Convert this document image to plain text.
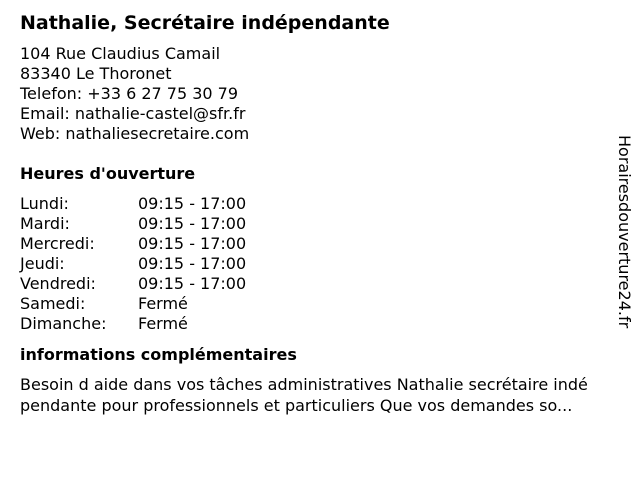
Nathalie, Secrétaire indépendante
104 Rue Claudius Camail
83340 Le Thoronet
Telefon: +33 6 27 75 30 79
Email: nathalie-castel@sfr.fr
Web: nathaliesecretaire.com
Heures d'ouverture
Lundi:	09:15 - 17:00
Mardi:	09:15 - 17:00
Mercredi:	09:15 - 17:00
Jeudi:	09:15 - 17:00
Vendredi:	09:15 - 17:00
Samedi:	Fermé
Dimanche:	Fermé
informations complémentaires
Besoin d aide dans vos tâches administratives Nathalie secrétaire indé
pendante pour professionnels et particuliers Que vos demandes so...
Horairesdouverture24.fr
